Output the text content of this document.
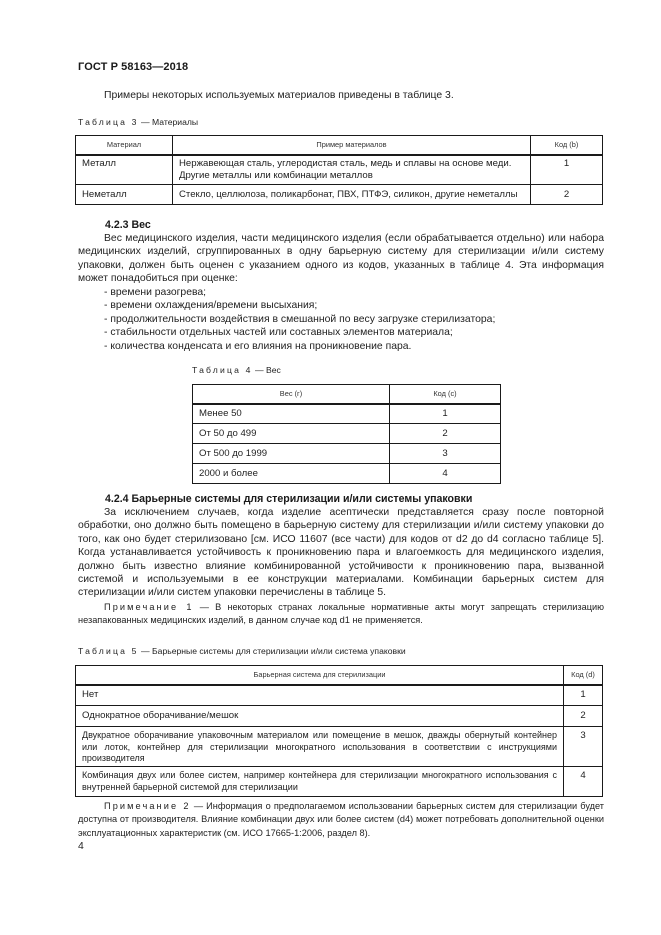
ГОСТ Р 58163—2018
Примеры некоторых используемых материалов приведены в таблице 3.
Таблица 3 — Материалы
Материал	Пример материалов	Код (b)
Металл	Нержавеющая сталь, углеродистая сталь, медь и сплавы на основе меди. Другие металлы или комбинации металлов	1
Неметалл	Стекло, целлюлоза, поликарбонат, ПВХ, ПТФЭ, силикон, другие неметаллы	2
4.2.3 Вес
Вес медицинского изделия, части медицинского изделия (если обрабатывается отдельно) или набора медицинских изделий, сгруппированных в одну барьерную систему для стерилизации и/или систему упаковки, должен быть оценен с указанием одного из кодов, указанных в таблице 4. Эта информация может понадобиться при оценке:
- времени разогрева;
- времени охлаждения/времени высыхания;
- продолжительности воздействия в смешанной по весу загрузке стерилизатора;
- стабильности отдельных частей или составных элементов материала;
- количества конденсата и его влияния на проникновение пара.
Таблица 4 — Вес
Вес (г)	Код (c)
Менее 50	1
От 50 до 499	2
От 500 до 1999	3
2000 и более	4
4.2.4 Барьерные системы для стерилизации и/или системы упаковки
За исключением случаев, когда изделие асептически представляется сразу после повторной обработки, оно должно быть помещено в барьерную систему для стерилизации и/или систему упаковки до того, как оно будет стерилизовано [см. ИСО 11607 (все части) для кодов от d2 до d4 согласно таблице 5]. Когда устанавливается устойчивость к проникновению пара и влагоемкость для медицинского изделия, должно быть известно влияние комбинированной устойчивости к проникновению пара, вызванной системой и используемыми в ее конструкции материалами. Комбинации барьерных систем для стерилизации и/или систем упаковки перечислены в таблице 5.
Примечание 1 — В некоторых странах локальные нормативные акты могут запрещать стерилизацию незапакованных медицинских изделий, в данном случае код d1 не применяется.
Таблица 5 — Барьерные системы для стерилизации и/или система упаковки
Барьерная система для стерилизации	Код (d)
Нет	1
Однократное оборачивание/мешок	2
Двукратное оборачивание упаковочным материалом или помещение в мешок, дважды обернутый контейнер или лоток, контейнер для стерилизации многократного использования в соответствии с инструкциями производителя	3
Комбинация двух или более систем, например контейнера для стерилизации многократного использования с внутренней барьерной системой для стерилизации	4
Примечание 2 — Информация о предполагаемом использовании барьерных систем для стерилизации будет доступна от производителя. Влияние комбинации двух или более систем (d4) может потребовать дополнительной оценки эксплуатационных характеристик (см. ИСО 17665-1:2006, раздел 8).
4
